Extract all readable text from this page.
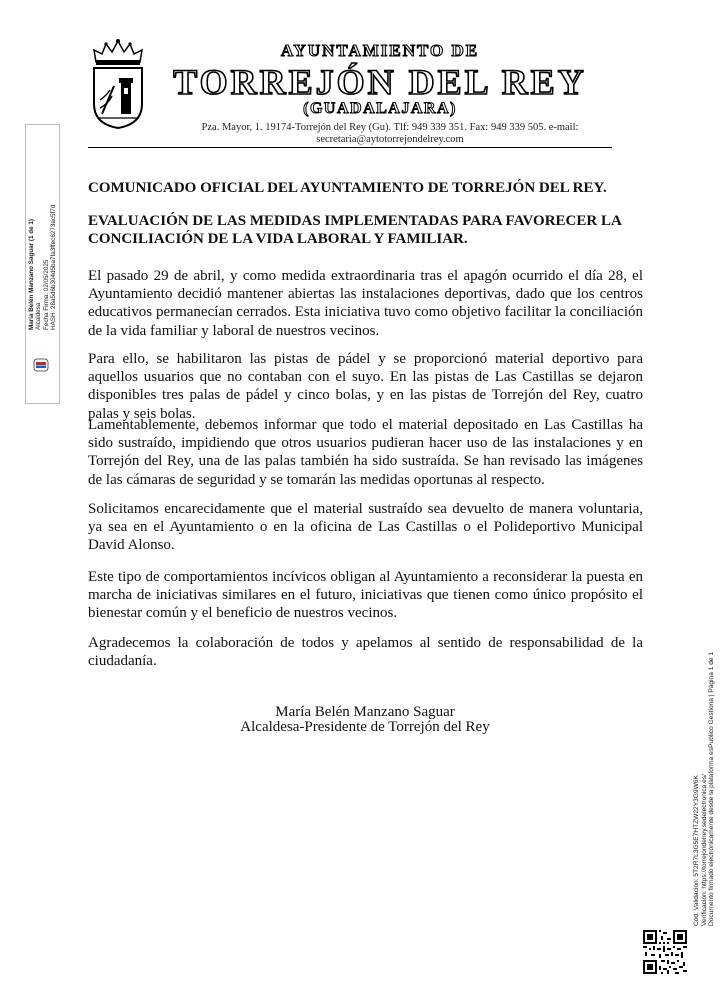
AYUNTAMIENTO DE
TORREJÓN DEL REY
(GUADALAJARA)
Pza. Mayor, 1. 19174-Torrejón del Rey (Gu). Tlf: 949 339 351. Fax: 949 339 505. e-mail:
secretaria@aytotorrejondelrey.com
María Belén Manzano Saguar (1 de 1) Alcaldesa Fecha Firma: 02/05/2025 HASH: 28a5d6b304d5ba7fa3ffec6273ac5f7d
COMUNICADO OFICIAL DEL AYUNTAMIENTO DE TORREJÓN DEL REY.
EVALUACIÓN DE LAS MEDIDAS IMPLEMENTADAS PARA FAVORECER LA CONCILIACIÓN DE LA VIDA LABORAL Y FAMILIAR.

El pasado 29 de abril, y como medida extraordinaria tras el apagón ocurrido el día 28, el Ayuntamiento decidió mantener abiertas las instalaciones deportivas, dado que los centros educativos permanecían cerrados. Esta iniciativa tuvo como objetivo facilitar la conciliación de la vida familiar y laboral de nuestros vecinos.

Para ello, se habilitaron las pistas de pádel y se proporcionó material deportivo para aquellos usuarios que no contaban con el suyo. En las pistas de Las Castillas se dejaron disponibles tres palas de pádel y cinco bolas, y en las pistas de Torrejón del Rey, cuatro palas y seis bolas.

Lamentablemente, debemos informar que todo el material depositado en Las Castillas ha sido sustraído, impidiendo que otros usuarios pudieran hacer uso de las instalaciones y en Torrejón del Rey, una de las palas también ha sido sustraída. Se han revisado las imágenes de las cámaras de seguridad y se tomarán las medidas oportunas al respecto.

Solicitamos encarecidamente que el material sustraído sea devuelto de manera voluntaria, ya sea en el Ayuntamiento o en la oficina de Las Castillas o el Polideportivo Municipal David Alonso.

Este tipo de comportamientos incívicos obligan al Ayuntamiento a reconsiderar la puesta en marcha de iniciativas similares en el futuro, iniciativas que tienen como único propósito el bienestar común y el beneficio de nuestros vecinos.

Agradecemos la colaboración de todos y apelamos al sentido de responsabilidad de la ciudadanía.

María Belén Manzano Saguar
Alcaldesa-Presidente de Torrejón del Rey
Cód. Validación: 5T2R7L3G5E7HTZW22Y3G9W6K Verificación: https://torrejondelrey.sedelectronica.es/ Documento firmado electrónicamente desde la plataforma esPublico Gestiona | Página 1 de 1
